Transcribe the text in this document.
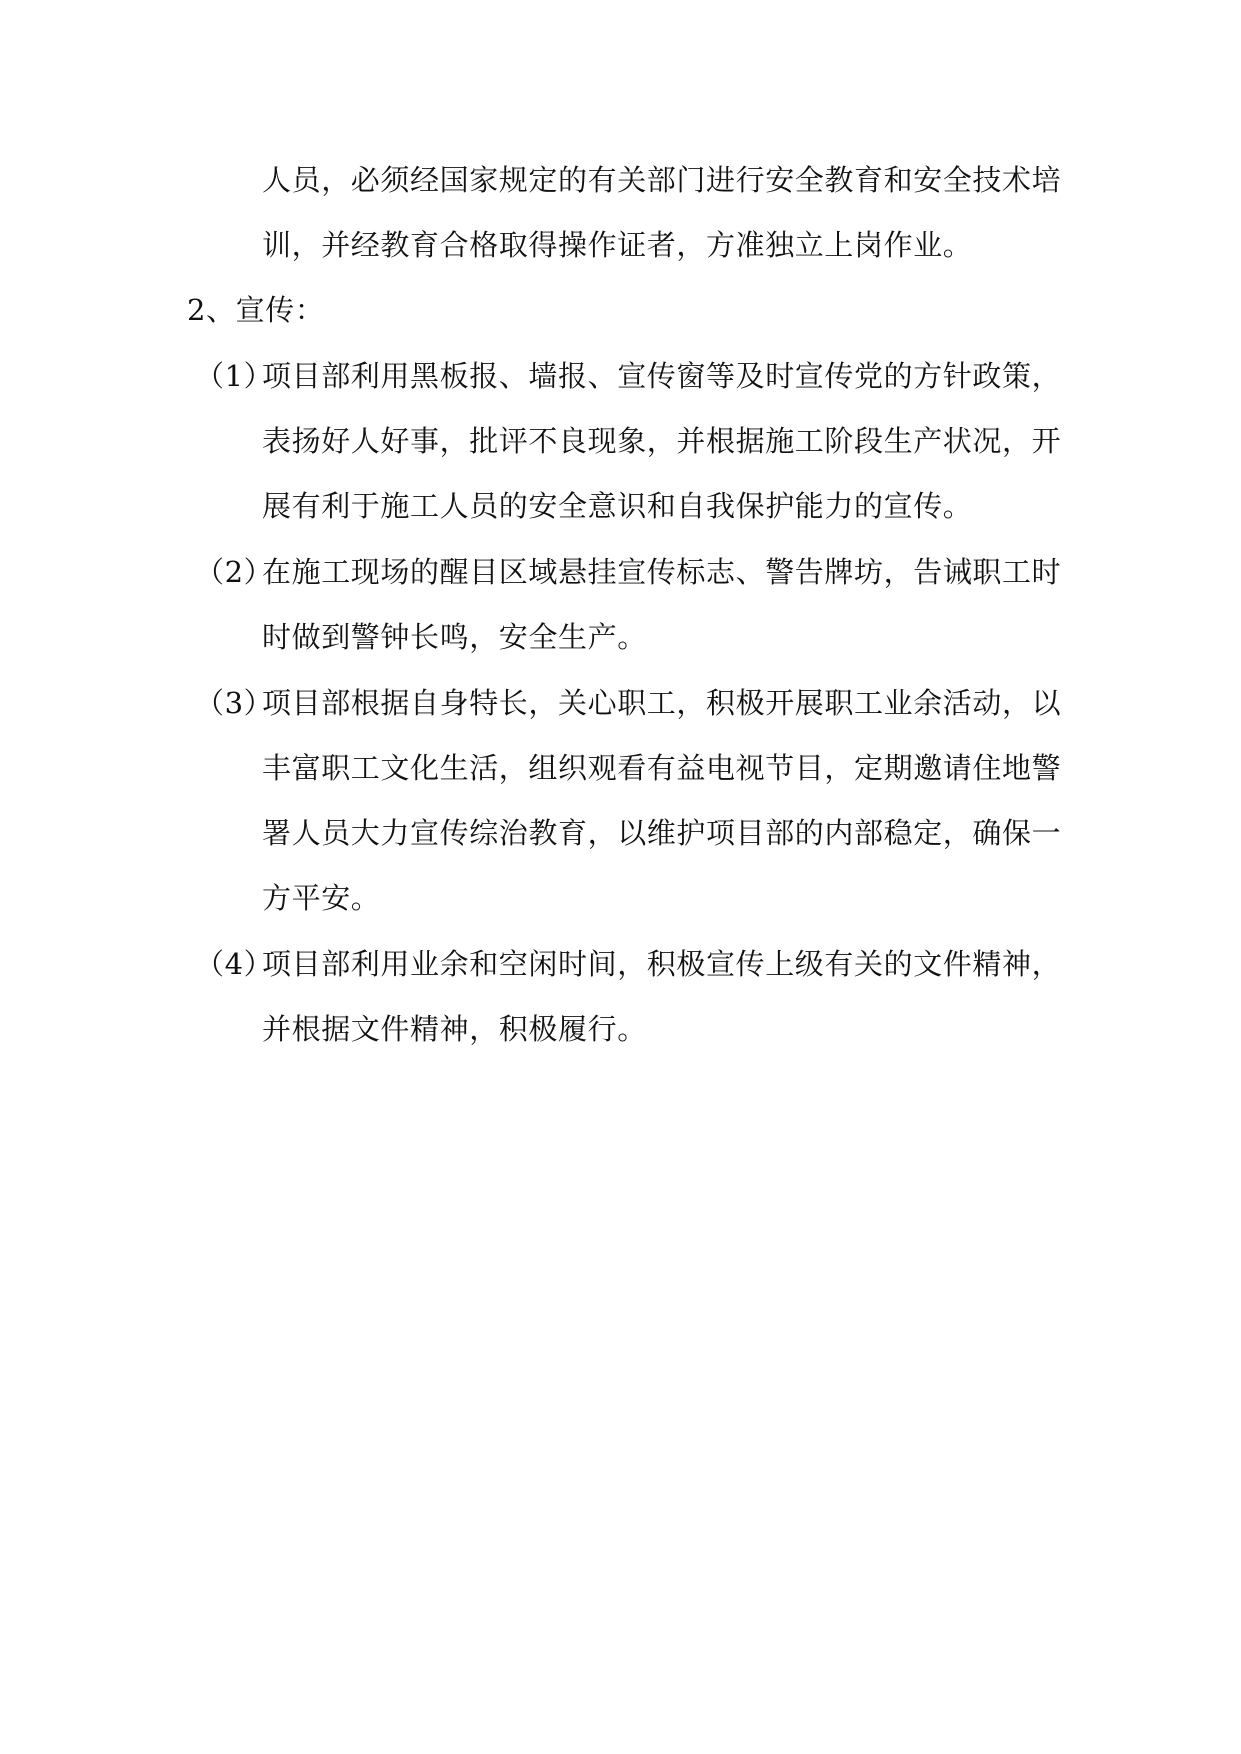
人员，必须经国家规定的有关部门进行安全教育和安全技术培
训，并经教育合格取得操作证者，方准独立上岗作业。
2、宣传：
（1）
项目部利用黑板报、墙报、宣传窗等及时宣传党的方针政策，
表扬好人好事，批评不良现象，并根据施工阶段生产状况，开
展有利于施工人员的安全意识和自我保护能力的宣传。
（2）
在施工现场的醒目区域悬挂宣传标志、警告牌坊，告诫职工时
时做到警钟长鸣，安全生产。
（3）
项目部根据自身特长，关心职工，积极开展职工业余活动，以
丰富职工文化生活，组织观看有益电视节目，定期邀请住地警
署人员大力宣传综治教育，以维护项目部的内部稳定，确保一
方平安。
（4）
项目部利用业余和空闲时间，积极宣传上级有关的文件精神，
并根据文件精神，积极履行。
